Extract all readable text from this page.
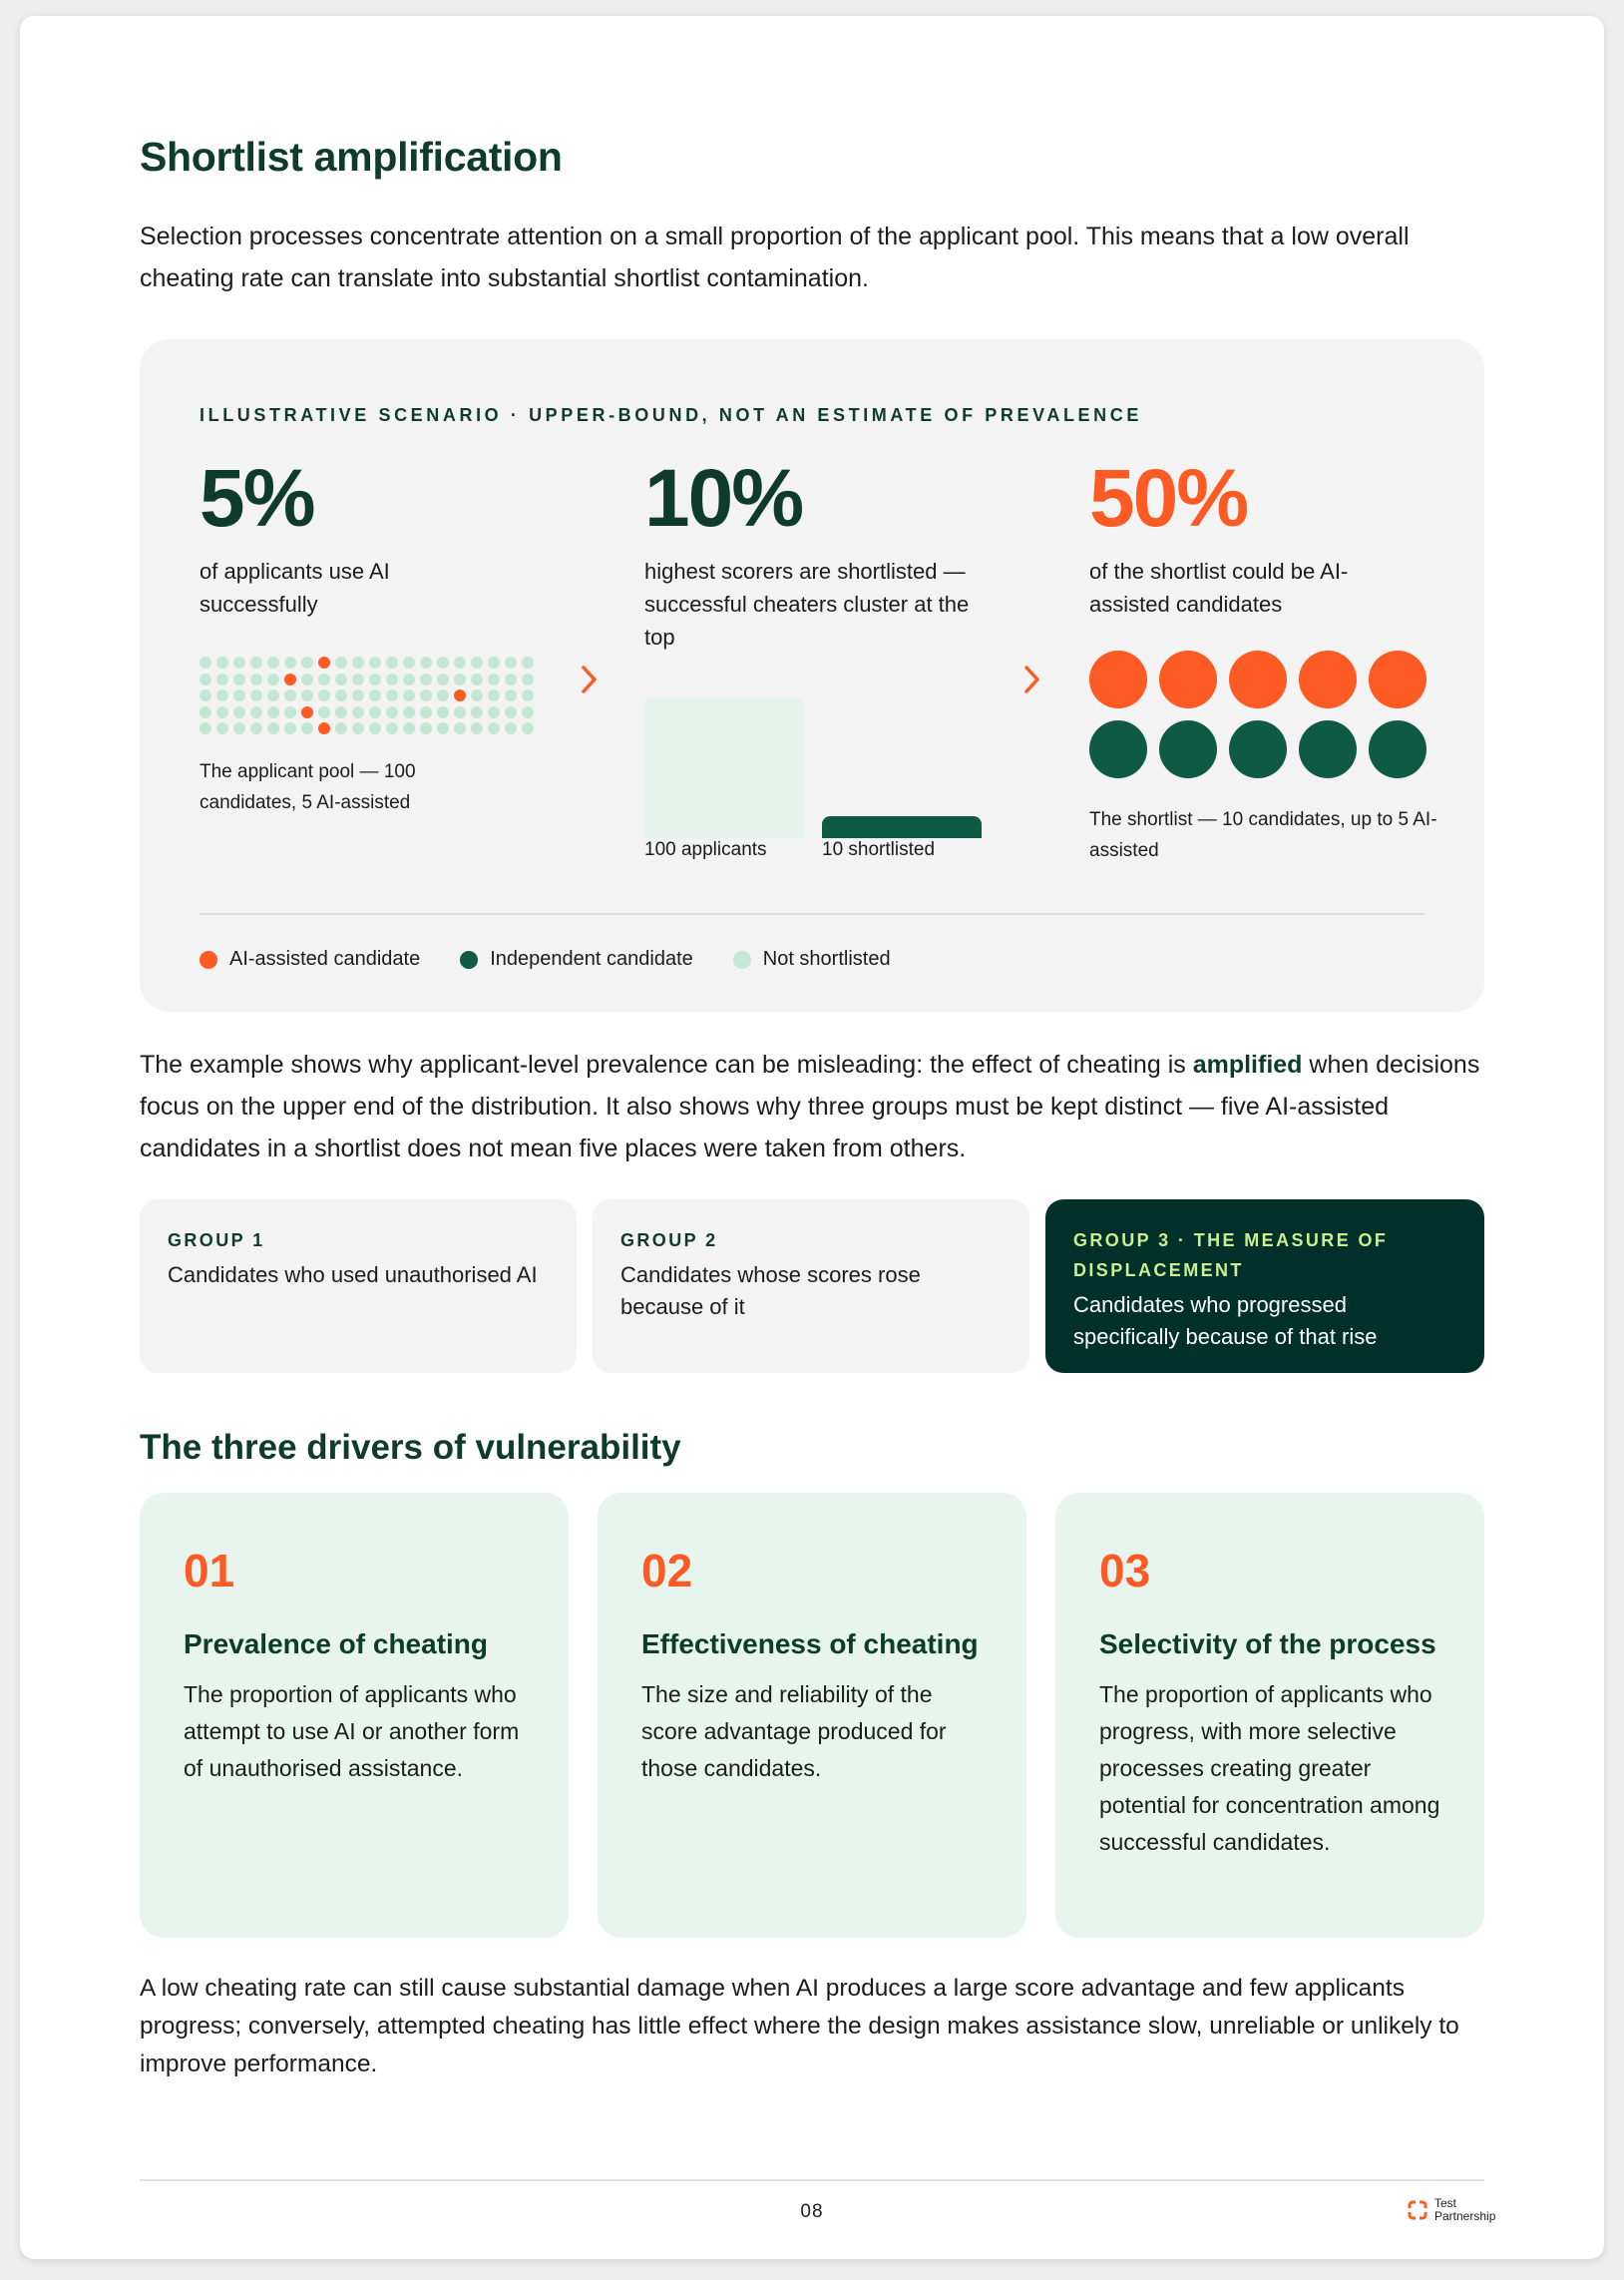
Shortlist amplification

Selection processes concentrate attention on a small proportion of the applicant pool. This means that a low overall cheating rate can translate into substantial shortlist contamination.

ILLUSTRATIVE SCENARIO · UPPER-BOUND, NOT AN ESTIMATE OF PREVALENCE
5%
of applicants use AI successfully
The applicant pool — 100 candidates, 5 AI-assisted
10%
highest scorers are shortlisted — successful cheaters cluster at the top
100 applicants	10 shortlisted
50%
of the shortlist could be AI-assisted candidates
The shortlist — 10 candidates, up to 5 AI-assisted
AI-assisted candidate	Independent candidate	Not shortlisted

The example shows why applicant-level prevalence can be misleading: the effect of cheating is amplified when decisions focus on the upper end of the distribution. It also shows why three groups must be kept distinct — five AI-assisted candidates in a shortlist does not mean five places were taken from others.

GROUP 1
Candidates who used unauthorised AI
GROUP 2
Candidates whose scores rose because of it
GROUP 3 · THE MEASURE OF DISPLACEMENT
Candidates who progressed specifically because of that rise
The three drivers of vulnerability
01
Prevalence of cheating
The proportion of applicants who attempt to use AI or another form of unauthorised assistance.
02
Effectiveness of cheating
The size and reliability of the score advantage produced for those candidates.
03
Selectivity of the process
The proportion of applicants who progress, with more selective processes creating greater potential for concentration among successful candidates.

A low cheating rate can still cause substantial damage when AI produces a large score advantage and few applicants progress; conversely, attempted cheating has little effect where the design makes assistance slow, unreliable or unlikely to improve performance.

08	Test
Partnership
